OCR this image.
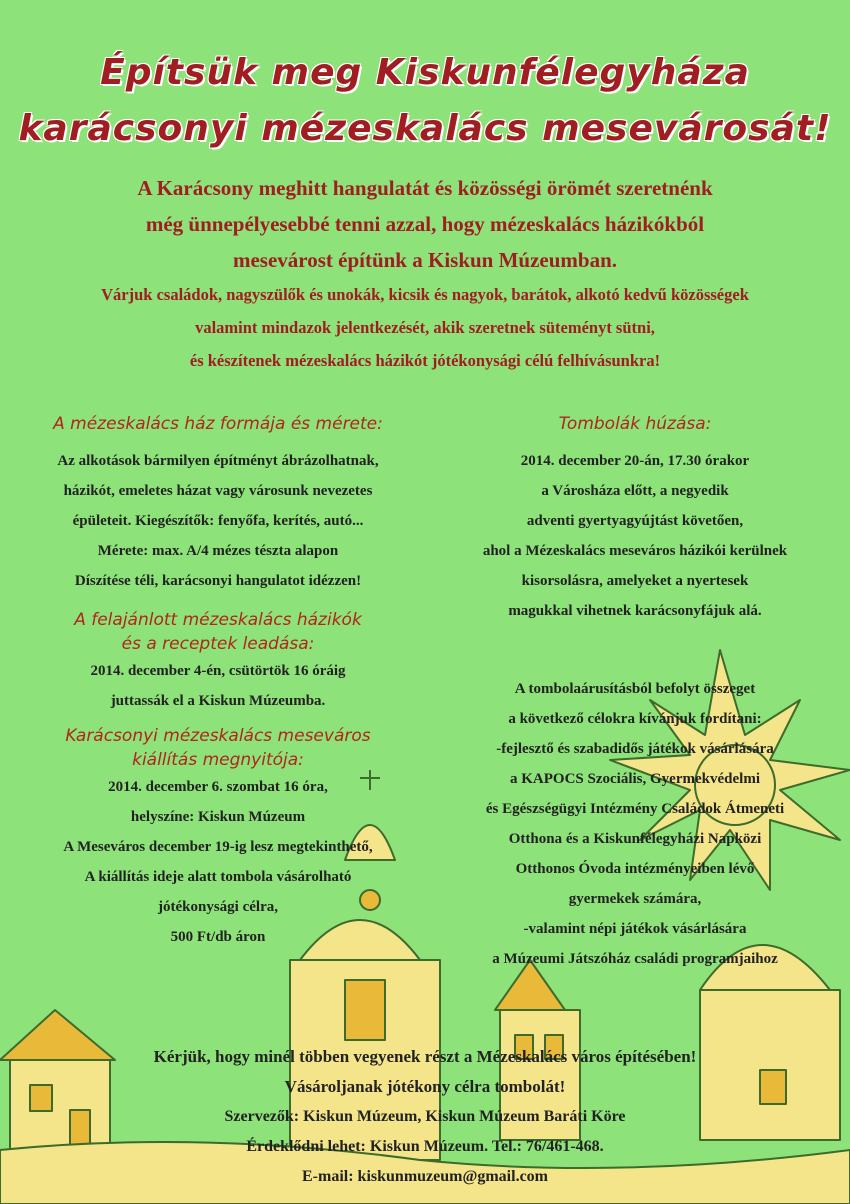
Építsük meg Kiskunfélegyháza
karácsonyi mézeskalács mesevárosát!
A Karácsony meghitt hangulatát és közösségi örömét szeretnénk
még ünnepélyesebbé tenni azzal, hogy mézeskalács házikókból
mesevárost építünk a Kiskun Múzeumban.
Várjuk családok, nagyszülők és unokák, kicsik és nagyok, barátok, alkotó kedvű közösségek
valamint mindazok jelentkezését, akik szeretnek süteményt sütni,
és készítenek mézeskalács házikót jótékonysági célú felhívásunkra!
A mézeskalács ház formája és mérete:
Az alkotások bármilyen építményt ábrázolhatnak,
házikót, emeletes házat vagy városunk nevezetes
épületeit. Kiegészítők: fenyőfa, kerítés, autó...
Mérete: max. A/4 mézes tészta alapon
Díszítése téli, karácsonyi hangulatot idézzen!
A felajánlott mézeskalács házikók
és a receptek leadása:
2014. december 4-én, csütörtök 16 óráig
juttassák el a Kiskun Múzeumba.
Karácsonyi mézeskalács meseváros
kiállítás megnyitója:
2014. december 6. szombat 16 óra,
helyszíne: Kiskun Múzeum
A Meseváros december 19-ig lesz megtekinthető,
A kiállítás ideje alatt tombola vásárolható
jótékonysági célra,
500 Ft/db áron
Tombolák húzása:
2014. december 20-án, 17.30 órakor
a Városháza előtt, a negyedik
adventi gyertyagyújtást követően,
ahol a Mézeskalács meseváros házikói kerülnek
kisorsolásra, amelyeket a nyertesek
magukkal vihetnek karácsonyfájuk alá.
A tombolaárusításból befolyt összeget
a következő célokra kívánjuk fordítani:
-fejlesztő és szabadidős játékok vásárlására
a KAPOCS Szociális, Gyermekvédelmi
és Egészségügyi Intézmény Családok Átmeneti
Otthona és a Kiskunfélegyházi Napközi
Otthonos Óvoda intézményeiben lévő
gyermekek számára,
-valamint népi játékok vásárlására
a Múzeumi Játszóház családi programjaihoz
Kérjük, hogy minél többen vegyenek részt a Mézeskalács város építésében!
Vásároljanak jótékony célra tombolát!
Szervezők: Kiskun Múzeum, Kiskun Múzeum Baráti Köre
Érdeklődni lehet: Kiskun Múzeum. Tel.: 76/461-468.
E-mail: kiskunmuzeum@gmail.com
